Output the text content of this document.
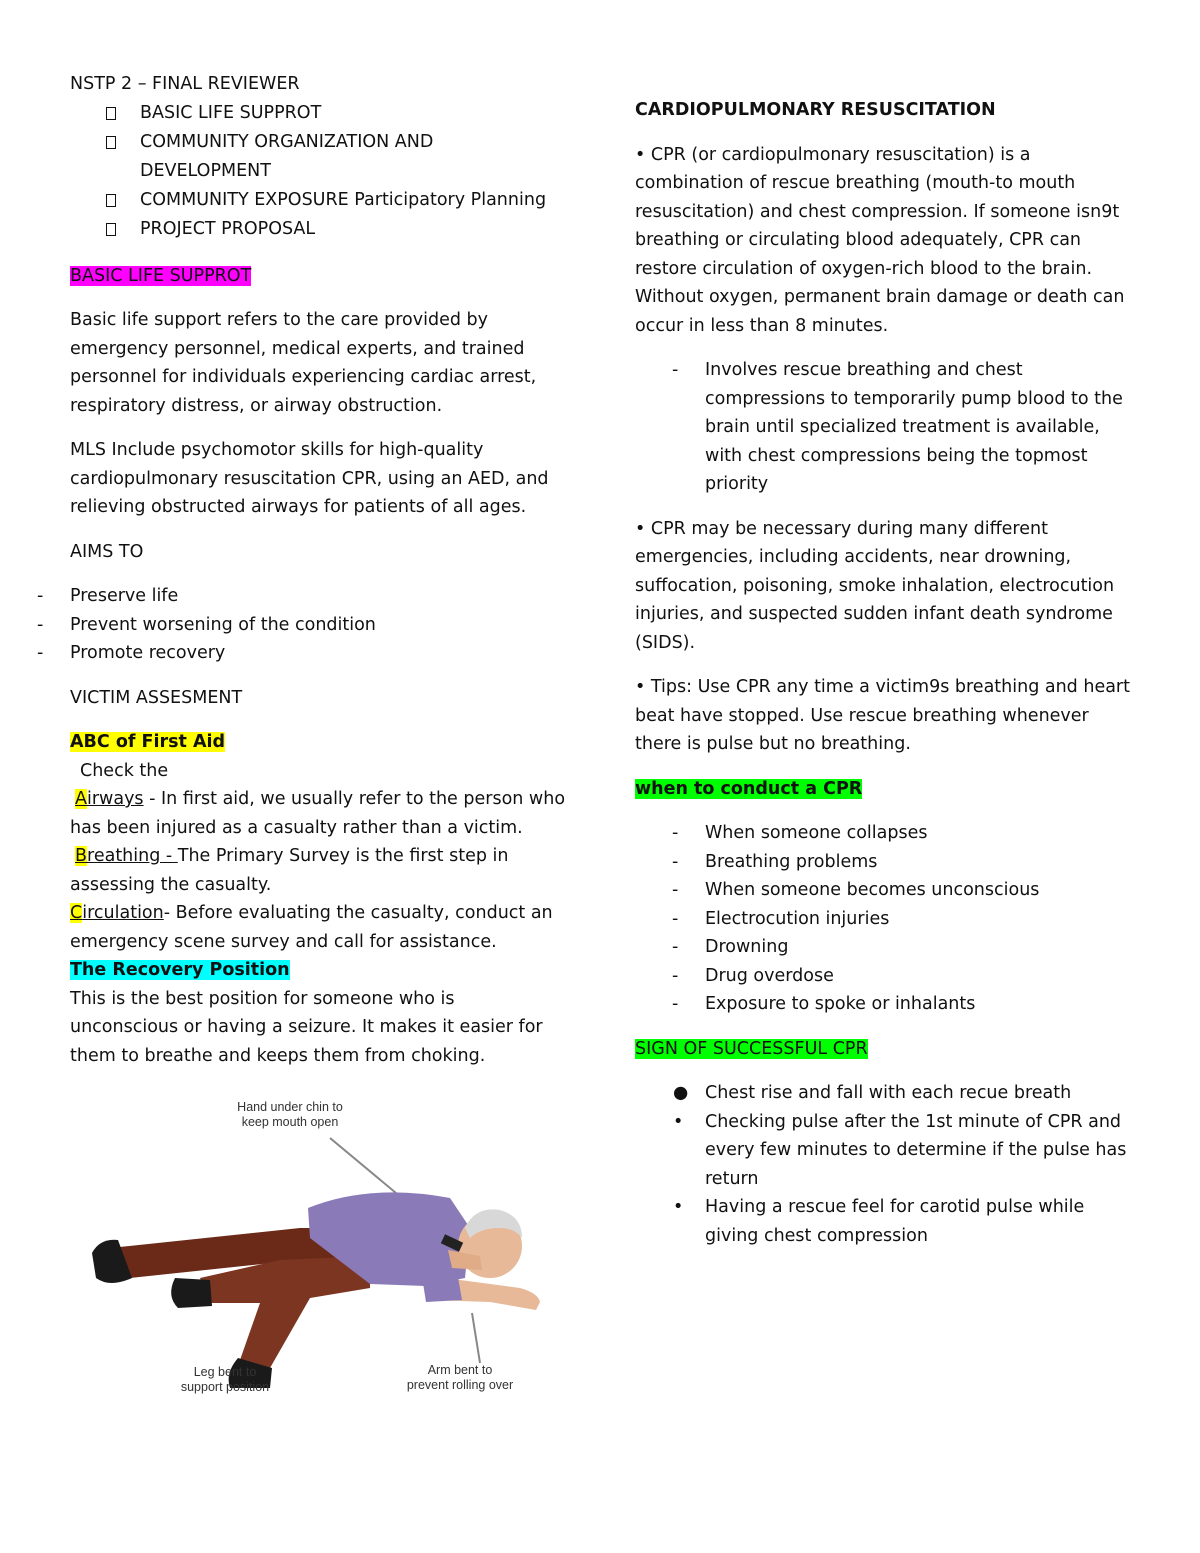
NSTP 2 – FINAL REVIEWER

BASIC LIFE SUPPROT
COMMUNITY ORGANIZATION AND
DEVELOPMENT
COMMUNITY EXPOSURE Participatory Planning
PROJECT PROPOSAL

BASIC LIFE SUPPROT

Basic life support refers to the care provided by
emergency personnel, medical experts, and trained
personnel for individuals experiencing cardiac arrest,
respiratory distress, or airway obstruction.

MLS Include psychomotor skills for high-quality
cardiopulmonary resuscitation CPR, using an AED, and
relieving obstructed airways for patients of all ages.

AIMS TO

- Preserve life
- Prevent worsening of the condition
- Promote recovery

VICTIM ASSESMENT

ABC of First Aid

Check the

Airways - In first aid, we usually refer to the person who
has been injured as a casualty rather than a victim.

Breathing - The Primary Survey is the first step in
assessing the casualty.

Circulation- Before evaluating the casualty, conduct an
emergency scene survey and call for assistance.

The Recovery Position

This is the best position for someone who is
unconscious or having a seizure. It makes it easier for
them to breathe and keeps them from choking.

Hand under chin to
keep mouth open
Leg bent to
support position
Arm bent to
prevent rolling over

CARDIOPULMONARY RESUSCITATION

• CPR (or cardiopulmonary resuscitation) is a
combination of rescue breathing (mouth-to mouth
resuscitation) and chest compression. If someone isn9t
breathing or circulating blood adequately, CPR can
restore circulation of oxygen-rich blood to the brain.
Without oxygen, permanent brain damage or death can
occur in less than 8 minutes.

- Involves rescue breathing and chest
compressions to temporarily pump blood to the
brain until specialized treatment is available,
with chest compressions being the topmost
priority

• CPR may be necessary during many different
emergencies, including accidents, near drowning,
suffocation, poisoning, smoke inhalation, electrocution
injuries, and suspected sudden infant death syndrome
(SIDS).

• Tips: Use CPR any time a victim9s breathing and heart
beat have stopped. Use rescue breathing whenever
there is pulse but no breathing.

when to conduct a CPR

- When someone collapses
- Breathing problems
- When someone becomes unconscious
- Electrocution injuries
- Drowning
- Drug overdose
- Exposure to spoke or inhalants

SIGN OF SUCCESSFUL CPR

● Chest rise and fall with each recue breath
• Checking pulse after the 1st minute of CPR and
every few minutes to determine if the pulse has
return
• Having a rescue feel for carotid pulse while
giving chest compression
